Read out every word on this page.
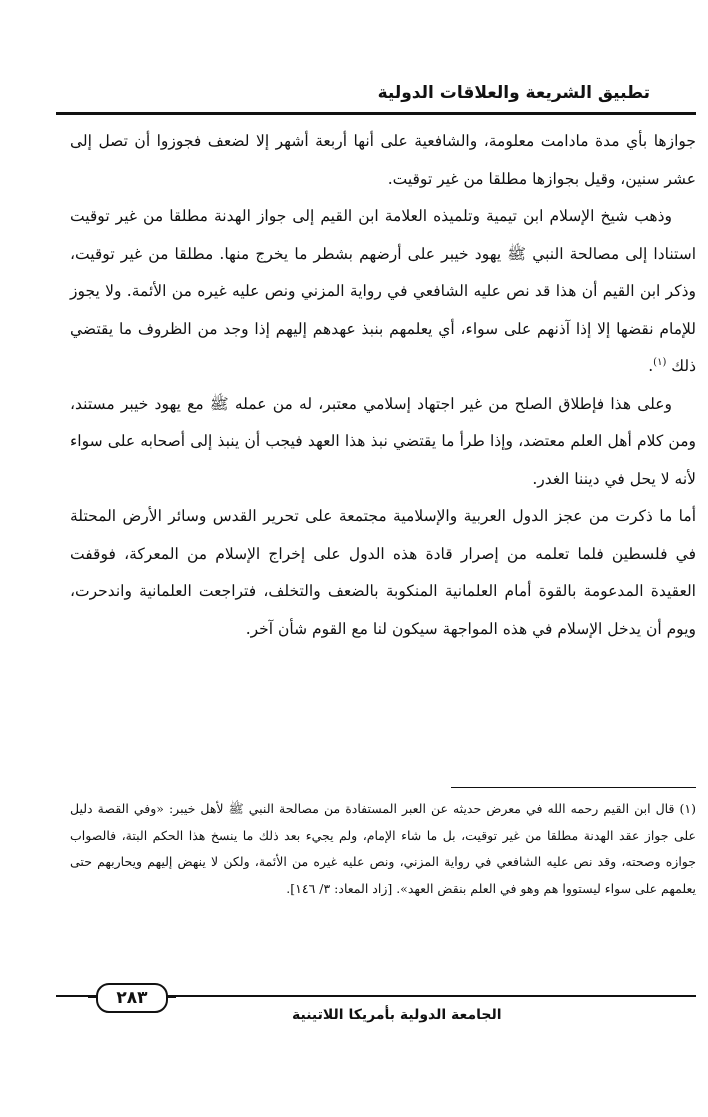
تطبيق الشريعة والعلاقات الدولية

جوازها بأي مدة مادامت معلومة، والشافعية على أنها أربعة أشهر إلا لضعف فجوزوا أن تصل إلى عشر سنين، وقيل بجوازها مطلقا من غير توقيت.

وذهب شيخ الإسلام ابن تيمية وتلميذه العلامة ابن القيم إلى جواز الهدنة مطلقا من غير توقيت استنادا إلى مصالحة النبي ﷺ يهود خيبر على أرضهم بشطر ما يخرج منها. مطلقا من غير توقيت، وذكر ابن القيم أن هذا قد نص عليه الشافعي في رواية المزني ونص عليه غيره من الأئمة. ولا يجوز للإمام نقضها إلا إذا آذنهم على سواء، أي يعلمهم بنبذ عهدهم إليهم إذا وجد من الظروف ما يقتضي ذلك $^{(١)}$.

وعلى هذا فإطلاق الصلح من غير اجتهاد إسلامي معتبر، له من عمله ﷺ مع يهود خيبر مستند، ومن كلام أهل العلم معتضد، وإذا طرأ ما يقتضي نبذ هذا العهد فيجب أن ينبذ إلى أصحابه على سواء لأنه لا يحل في ديننا الغدر.

أما ما ذكرت من عجز الدول العربية والإسلامية مجتمعة على تحرير القدس وسائر الأرض المحتلة في فلسطين فلما تعلمه من إصرار قادة هذه الدول على إخراج الإسلام من المعركة، فوقفت العقيدة المدعومة بالقوة أمام العلمانية المنكوبة بالضعف والتخلف، فتراجعت العلمانية واندحرت، ويوم أن يدخل الإسلام في هذه المواجهة سيكون لنا مع القوم شأن آخر.

(١) قال ابن القيم رحمه الله في معرض حديثه عن العبر المستفادة من مصالحة النبي ﷺ لأهل خيبر: «وفي القصة دليل على جواز عقد الهدنة مطلقا من غير توقيت، بل ما شاء الإمام، ولم يجيء بعد ذلك ما ينسخ هذا الحكم البتة، فالصواب جوازه وصحته، وقد نص عليه الشافعي في رواية المزني، ونص عليه غيره من الأئمة، ولكن لا ينهض إليهم ويحاربهم حتى يعلمهم على سواء ليستووا هم وهو في العلم بنقض العهد». [زاد المعاد: ٣/ ١٤٦].

٢٨٣
الجامعة الدولية بأمريكا اللاتينية
